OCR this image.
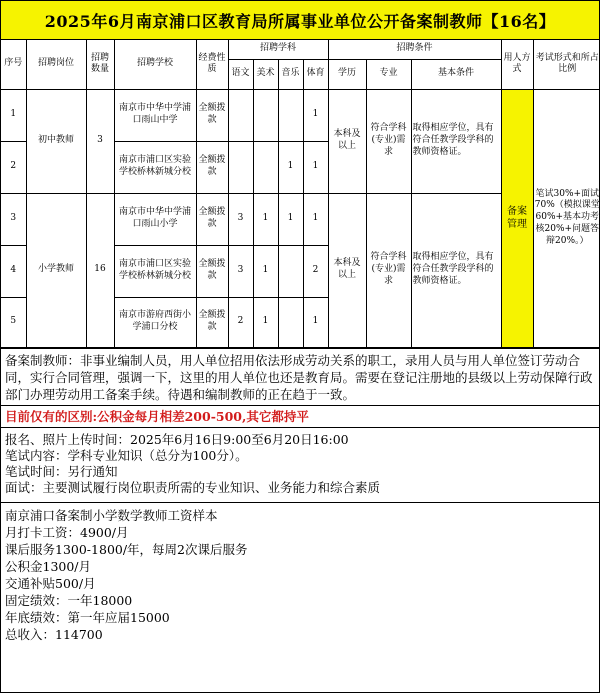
2025年6月南京浦口区教育局所属事业单位公开备案制教师【16名】
序号	招聘岗位	招聘数量	招聘学校	经费性质	招聘学科				招聘条件			用人方式	考试形式和所占比例
					语文	美术	音乐	体育	学历	专业	基本条件		
1	初中教师	3	南京市中华中学浦口雨山中学	全额拨款				1	本科及以上	符合学科(专业)需求	取得相应学位，具有符合任教学段学科的教师资格证。	备案管理	笔试30%+面试70%（模拟课堂60%+基本功考核20%+问题答辩20%。）
2			南京市浦口区实验学校桥林新城分校	全额拨款			1	1					
3	小学教师	16	南京市中华中学浦口雨山小学	全额拨款	3	1	1	1	本科及以上	符合学科(专业)需求	取得相应学位，具有符合任教学段学科的教师资格证。		
4			南京市浦口区实验学校桥林新城分校	全额拨款	3	1		2					
5			南京市游府西街小学浦口分校	全额拨款	2	1		1					
备案制教师：非事业编制人员，用人单位招用依法形成劳动关系的职工，录用人员与用人单位签订劳动合同，实行合同管理，强调一下，这里的用人单位也还是教育局。需要在登记注册地的县级以上劳动保障行政部门办理劳动用工备案手续。待遇和编制教师的正在趋于一致。
目前仅有的区别:公积金每月相差200-500,其它都持平
报名、照片上传时间：2025年6月16日9:00至6月20日16:00
笔试内容：学科专业知识（总分为100分）。
笔试时间：另行通知
面试：主要测试履行岗位职责所需的专业知识、业务能力和综合素质
南京浦口备案制小学数学教师工资样本
月打卡工资：4900/月
课后服务1300-1800/年，每周2次课后服务
公积金1300/月
交通补贴500/月
固定绩效：一年18000
年底绩效：第一年应届15000
总收入：114700
